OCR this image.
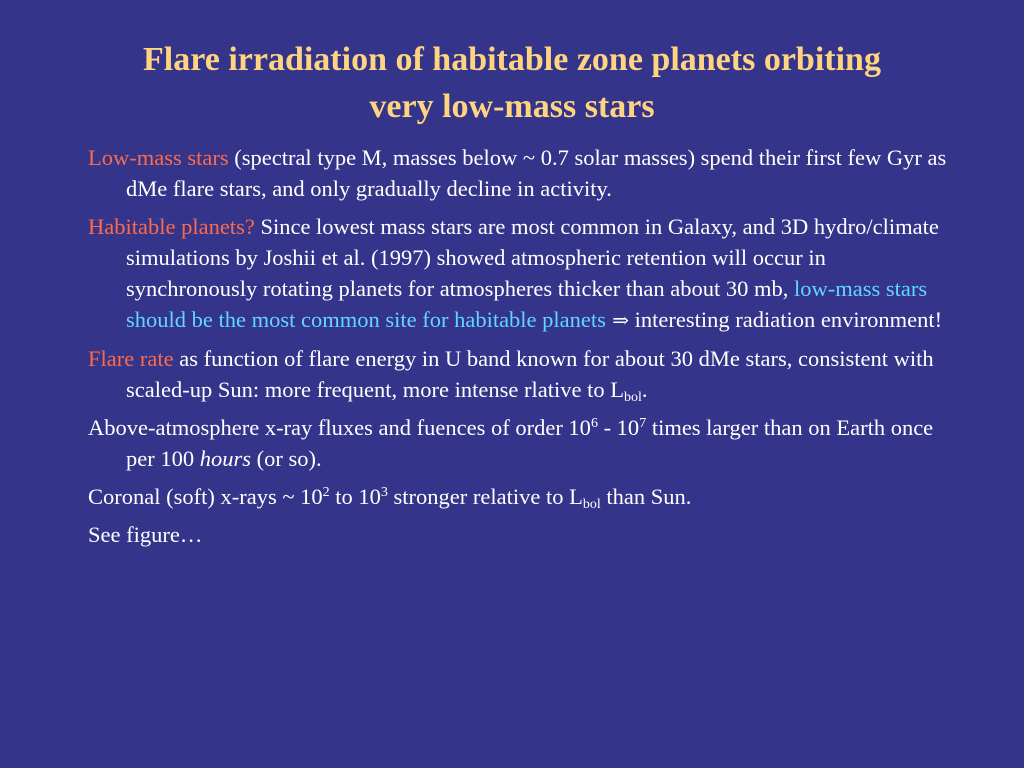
Flare irradiation of habitable zone planets orbiting
very low-mass stars

Low-mass stars (spectral type M, masses below ~ 0.7 solar masses) spend their first few Gyr as dMe flare stars, and only gradually decline in activity.

Habitable planets? Since lowest mass stars are most common in Galaxy, and 3D hydro/climate simulations by Joshii et al. (1997) showed atmospheric retention will occur in synchronously rotating planets for atmospheres thicker than about 30 mb, low-mass stars should be the most common site for habitable planets ⇒ interesting radiation environment!

Flare rate as function of flare energy in U band known for about 30 dMe stars, consistent with scaled-up Sun: more frequent, more intense rlative to $L_{bol}$.

Above-atmosphere x-ray fluxes and fuences of order $10^6 - 10^7$ times larger than on Earth once per 100 hours (or so).

Coronal (soft) x-rays ~ $10^2$ to $10^3$ stronger relative to $L_{bol}$ than Sun.

See figure…
